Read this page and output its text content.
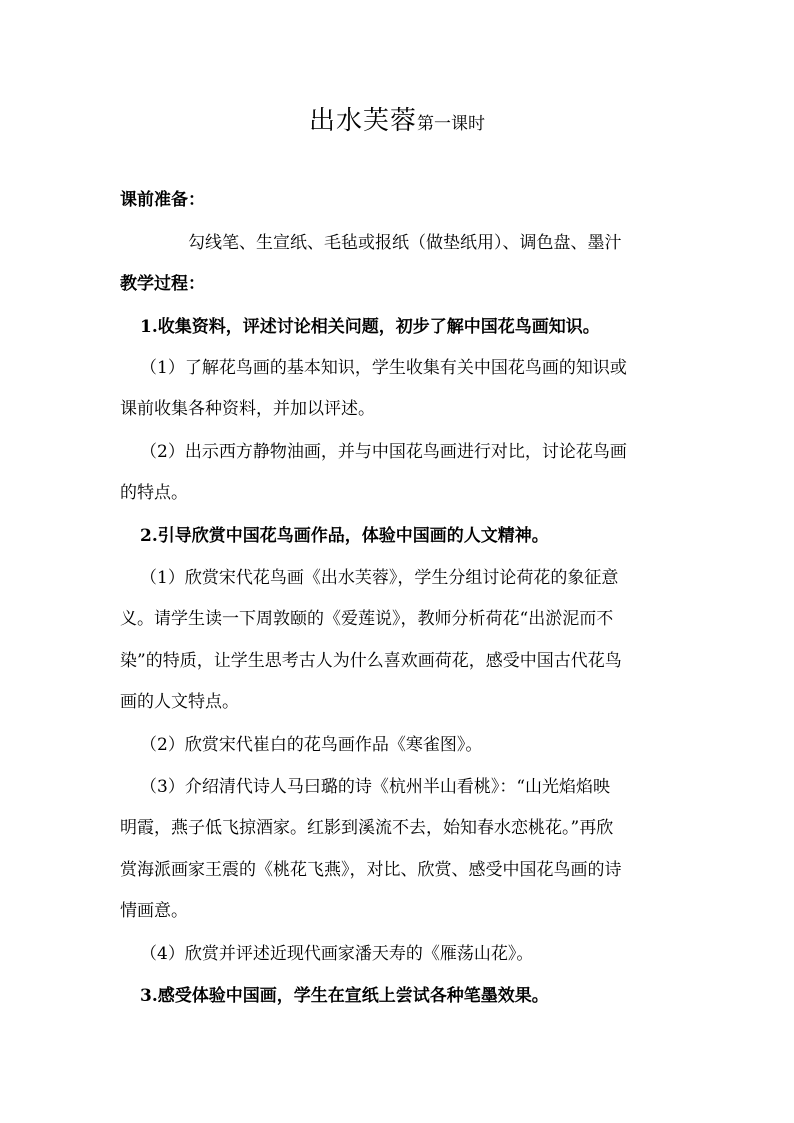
出水芙蓉第一课时
课前准备：
勾线笔、生宣纸、毛毡或报纸（做垫纸用）、调色盘、墨汁
教学过程：
1.收集资料，评述讨论相关问题，初步了解中国花鸟画知识。
（1）了解花鸟画的基本知识，学生收集有关中国花鸟画的知识或
课前收集各种资料，并加以评述。
（2）出示西方静物油画，并与中国花鸟画进行对比，讨论花鸟画
的特点。
2.引导欣赏中国花鸟画作品，体验中国画的人文精神。
（1）欣赏宋代花鸟画《出水芙蓉》，学生分组讨论荷花的象征意
义。请学生读一下周敦颐的《爱莲说》，教师分析荷花“出淤泥而不
染”的特质，让学生思考古人为什么喜欢画荷花，感受中国古代花鸟
画的人文特点。
（2）欣赏宋代崔白的花鸟画作品《寒雀图》。
（3）介绍清代诗人马曰璐的诗《杭州半山看桃》：“山光焰焰映
明霞，燕子低飞掠酒家。红影到溪流不去，始知春水恋桃花。”再欣
赏海派画家王震的《桃花飞燕》，对比、欣赏、感受中国花鸟画的诗
情画意。
（4）欣赏并评述近现代画家潘天寿的《雁荡山花》。
3.感受体验中国画，学生在宣纸上尝试各种笔墨效果。
